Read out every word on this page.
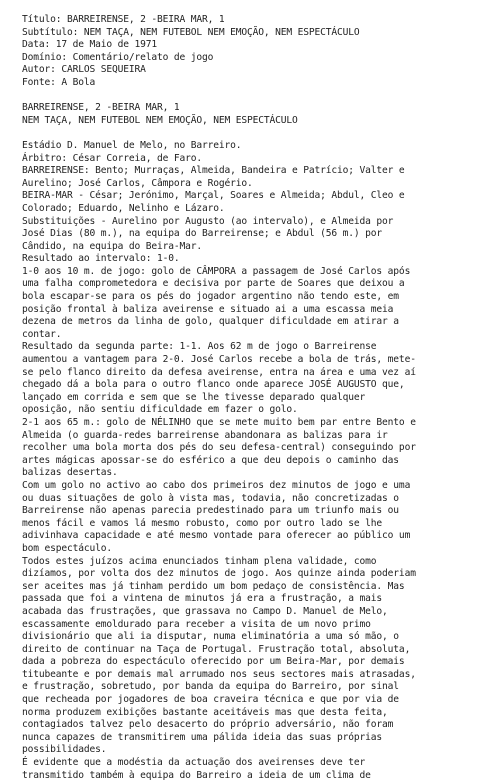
Título: BARREIRENSE, 2 -BEIRA MAR, 1
Subtítulo: NEM TAÇA, NEM FUTEBOL NEM EMOÇÃO, NEM ESPECTÁCULO
Data: 17 de Maio de 1971
Domínio: Comentário/relato de jogo
Autor: CARLOS SEQUEIRA
Fonte: A Bola
BARREIRENSE, 2 -BEIRA MAR, 1
NEM TAÇA, NEM FUTEBOL NEM EMOÇÃO, NEM ESPECTÁCULO
Estádio D. Manuel de Melo, no Barreiro.
Árbitro: César Correia, de Faro.
BARREIRENSE: Bento; Murraças, Almeida, Bandeira e Patrício; Valter e
Aurelino; José Carlos, Câmpora e Rogério.
BEIRA-MAR - César; Jerónimo, Marçal, Soares e Almeida; Abdul, Cleo e
Colorado; Eduardo, Nelinho e Lázaro.
Substituições - Aurelino por Augusto (ao intervalo), e Almeida por
José Dias (80 m.), na equipa do Barreirense; e Abdul (56 m.) por
Cândido, na equipa do Beira-Mar.
Resultado ao intervalo: 1-0.
1-0 aos 10 m. de jogo: golo de CÂMPORA a passagem de José Carlos após
uma falha comprometedora e decisiva por parte de Soares que deixou a
bola escapar-se para os pés do jogador argentino não tendo este, em
posição frontal à baliza aveirense e situado ai a uma escassa meia
dezena de metros da linha de golo, qualquer dificuldade em atirar a
contar.
Resultado da segunda parte: 1-1. Aos 62 m de jogo o Barreirense
aumentou a vantagem para 2-0. José Carlos recebe a bola de trás, mete-
se pelo flanco direito da defesa aveirense, entra na área e uma vez aí
chegado dá a bola para o outro flanco onde aparece JOSÉ AUGUSTO que,
lançado em corrida e sem que se lhe tivesse deparado qualquer
oposição, não sentiu dificuldade em fazer o golo.
2-1 aos 65 m.: golo de NÉLINHO que se mete muito bem par entre Bento e
Almeida (o guarda-redes barreirense abandonara as balizas para ir
recolher uma bola morta dos pés do seu defesa-central) conseguindo por
artes mágicas apossar-se do esférico a que deu depois o caminho das
balizas desertas.
Com um golo no activo ao cabo dos primeiros dez minutos de jogo e uma
ou duas situações de golo à vista mas, todavia, não concretizadas o
Barreirense não apenas parecia predestinado para um triunfo mais ou
menos fácil e vamos lá mesmo robusto, como por outro lado se lhe
adivinhava capacidade e até mesmo vontade para oferecer ao público um
bom espectáculo.
Todos estes juízos acima enunciados tinham plena validade, como
dizíamos, por volta dos dez minutos de jogo. Aos quinze ainda poderiam
ser aceites mas já tinham perdido um bom pedaço de consistência. Mas
passada que foi a vintena de minutos já era a frustração, a mais
acabada das frustrações, que grassava no Campo D. Manuel de Melo,
escassamente emoldurado para receber a visita de um novo primo
divisionário que ali ia disputar, numa eliminatória a uma só mão, o
direito de continuar na Taça de Portugal. Frustração total, absoluta,
dada a pobreza do espectáculo oferecido por um Beira-Mar, por demais
titubeante e por demais mal arrumado nos seus sectores mais atrasadas,
e frustração, sobretudo, por banda da equipa do Barreiro, por sinal
que recheada por jogadores de boa craveira técnica e que por via de
norma produzem exibições bastante aceitáveis mas que desta feita,
contagiados talvez pelo desacerto do próprio adversário, não foram
nunca capazes de transmitirem uma pálida ideia das suas próprias
possibilidades.
É evidente que a modéstia da actuação dos aveirenses deve ter
transmitido também à equipa do Barreiro a ideia de um clima de
